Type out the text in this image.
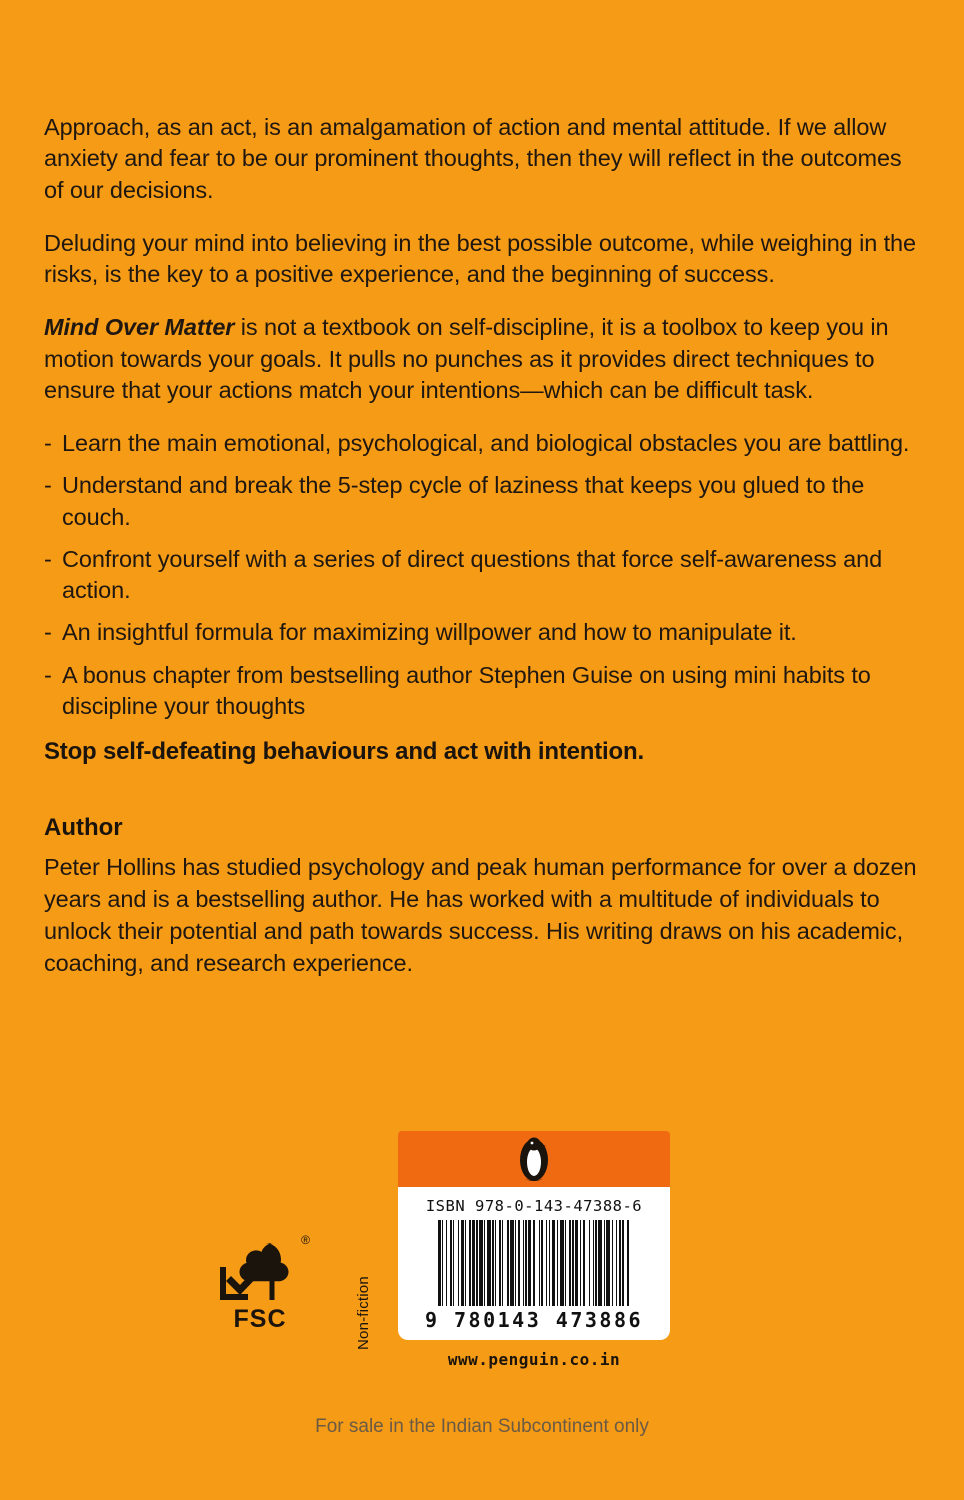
Approach, as an act, is an amalgamation of action and mental attitude. If we allow anxiety and fear to be our prominent thoughts, then they will reflect in the outcomes of our decisions.

Deluding your mind into believing in the best possible outcome, while weighing in the risks, is the key to a positive experience, and the beginning of success.

Mind Over Matter is not a textbook on self-discipline, it is a toolbox to keep you in motion towards your goals. It pulls no punches as it provides direct techniques to ensure that your actions match your intentions—which can be difficult task.

- Learn the main emotional, psychological, and biological obstacles you are battling.
- Understand and break the 5-step cycle of laziness that keeps you glued to the couch.
- Confront yourself with a series of direct questions that force self-awareness and action.
- An insightful formula for maximizing willpower and how to manipulate it.
- A bonus chapter from bestselling author Stephen Guise on using mini habits to discipline your thoughts

Stop self-defeating behaviours and act with intention.

Author

Peter Hollins has studied psychology and peak human performance for over a dozen years and is a bestselling author. He has worked with a multitude of individuals to unlock their potential and path towards success. His writing draws on his academic, coaching, and research experience.

®
FSC	Non-fiction
ISBN 978-0-143-47388-6
9 780143 473886
www.penguin.co.in
For sale in the Indian Subcontinent only
